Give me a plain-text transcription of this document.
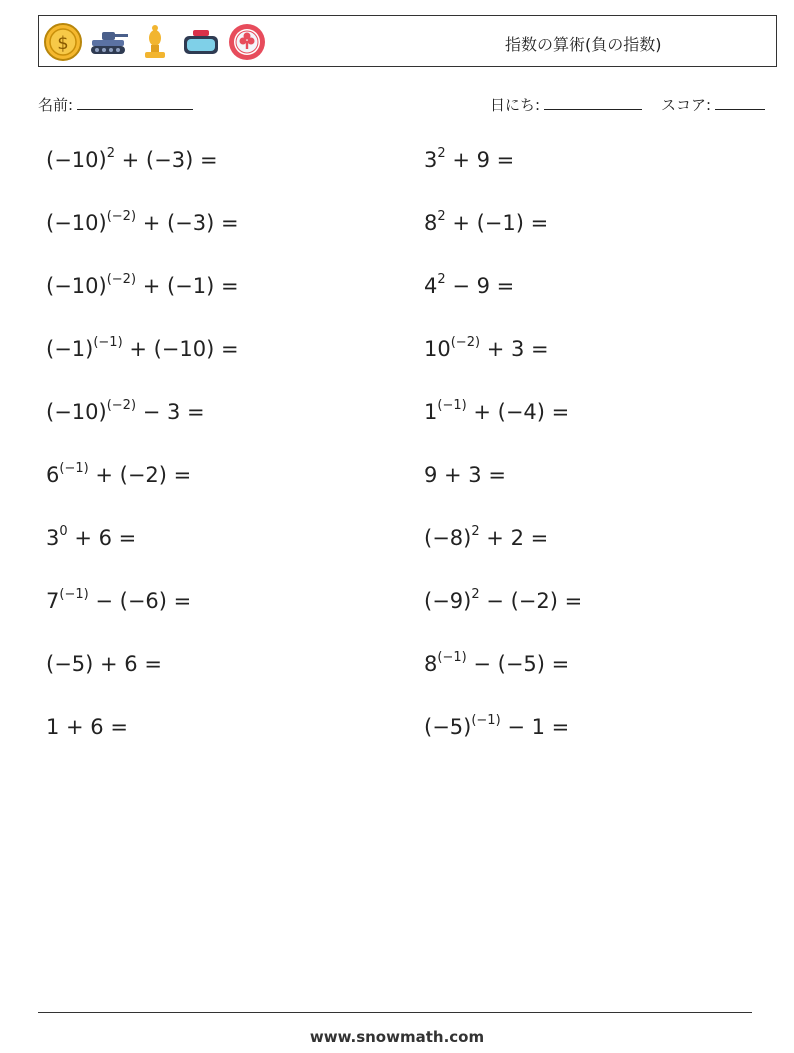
$	指数の算術(負の指数)
名前:	日にち:	スコア:
$(-10)^2 + (-3)$ =	$3^2 + 9$ =
$(-10)^{(-2)} + (-3)$ =	$8^2 + (-1)$ =
$(-10)^{(-2)} + (-1)$ =	$4^2 - 9$ =
$(-1)^{(-1)} + (-10)$ =	$10^{(-2)} + 3$ =
$(-10)^{(-2)} - 3$ =	$1^{(-1)} + (-4)$ =
$6^{(-1)} + (-2)$ =	9 + 3 =
$3^0 + 6$ =	$(-8)^2 + 2$ =
$7^{(-1)} - (-6)$ =	$(-9)^2 - (-2)$ =
(−5) + 6 =	$8^{(-1)} - (-5)$ =
1 + 6 =	$(-5)^{(-1)} - 1$ =
www.snowmath.com
